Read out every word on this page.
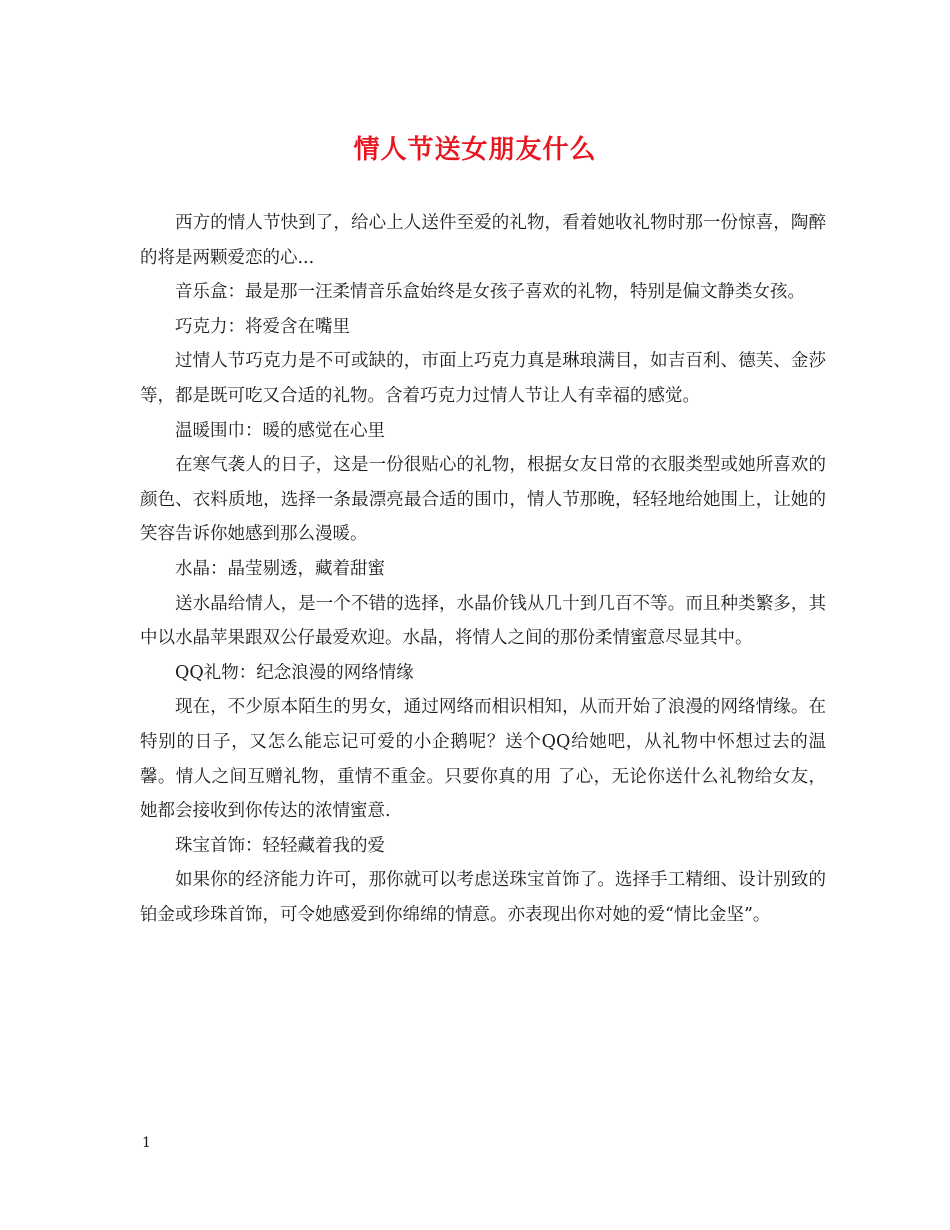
情人节送女朋友什么

西方的情人节快到了，给心上人送件至爱的礼物，看着她收礼物时那一份惊喜，陶醉的将是两颗爱恋的心...

音乐盒：最是那一汪柔情音乐盒始终是女孩子喜欢的礼物，特别是偏文静类女孩。

巧克力：将爱含在嘴里

过情人节巧克力是不可或缺的，市面上巧克力真是琳琅满目，如吉百利、德芙、金莎等，都是既可吃又合适的礼物。含着巧克力过情人节让人有幸福的感觉。

温暖围巾：暖的感觉在心里

在寒气袭人的日子，这是一份很贴心的礼物，根据女友日常的衣服类型或她所喜欢的颜色、衣料质地，选择一条最漂亮最合适的围巾，情人节那晚，轻轻地给她围上，让她的笑容告诉你她感到那么漫暖。

水晶：晶莹剔透，藏着甜蜜

送水晶给情人，是一个不错的选择，水晶价钱从几十到几百不等。而且种类繁多，其中以水晶苹果跟双公仔最爱欢迎。水晶，将情人之间的那份柔情蜜意尽显其中。

QQ礼物：纪念浪漫的网络情缘

现在，不少原本陌生的男女，通过网络而相识相知，从而开始了浪漫的网络情缘。在特别的日子，又怎么能忘记可爱的小企鹅呢？送个QQ给她吧，从礼物中怀想过去的温馨。情人之间互赠礼物，重情不重金。只要你真的用 了心，无论你送什么礼物给女友，她都会接收到你传达的浓情蜜意.

珠宝首饰：轻轻藏着我的爱

如果你的经济能力许可，那你就可以考虑送珠宝首饰了。选择手工精细、设计别致的铂金或珍珠首饰，可令她感爱到你绵绵的情意。亦表现出你对她的爱“情比金坚”。

1
